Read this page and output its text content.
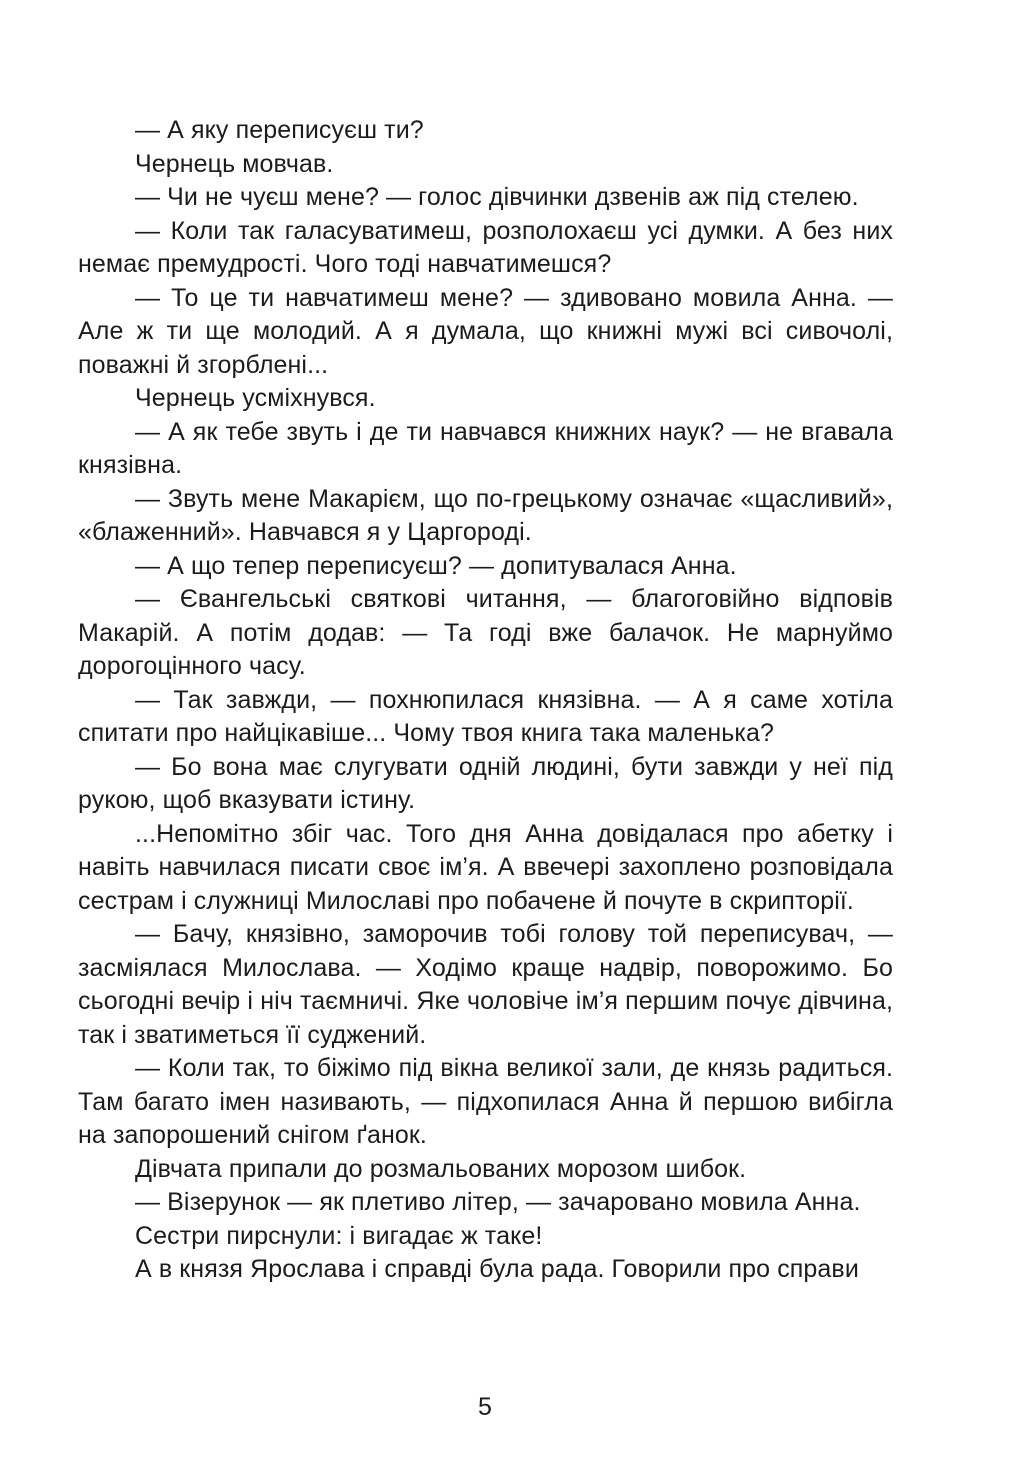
— А яку переписуєш ти?

Чернець мовчав.

— Чи не чуєш мене? — голос дівчинки дзвенів аж під стелею.

— Коли так галасуватимеш, розполохаєш усі думки. А без них немає премудрості. Чого тоді навчатимешся?

— То це ти навчатимеш мене? — здивовано мовила Анна. — Але ж ти ще молодий. А я думала, що книжні мужі всі сивочолі, поважні й згорблені...

Чернець усміхнувся.

— А як тебе звуть і де ти навчався книжних наук? — не вгавала князівна.

— Звуть мене Макарієм, що по-грецькому означає «щасливий», «блаженний». Навчався я у Царгороді.

— А що тепер переписуєш? — допитувалася Анна.

— Євангельські святкові читання, — благоговійно відповів Макарій. А потім додав: — Та годі вже балачок. Не марнуймо дорогоцінного часу.

— Так завжди, — похнюпилася князівна. — А я саме хотіла спитати про найцікавіше... Чому твоя книга така маленька?

— Бо вона має слугувати одній людині, бути завжди у неї під рукою, щоб вказувати істину.

...Непомітно збіг час. Того дня Анна довідалася про абетку і навіть навчилася писати своє ім’я. А ввечері захоплено розповідала сестрам і служниці Милославі про побачене й почуте в скрипторії.

— Бачу, князівно, заморочив тобі голову той переписувач, — засміялася Милослава. — Ходімо краще надвір, поворожимо. Бо сьогодні вечір і ніч таємничі. Яке чоловіче ім’я першим почує дівчина, так і зватиметься її суджений.

— Коли так, то біжімо під вікна великої зали, де князь радиться. Там багато імен називають, — підхопилася Анна й першою вибігла на запорошений снігом ґанок.

Дівчата припали до розмальованих морозом шибок.

— Візерунок — як плетиво літер, — зачаровано мовила Анна.

Сестри пирснули: і вигадає ж таке!

А в князя Ярослава і справді була рада. Говорили про справи

5
